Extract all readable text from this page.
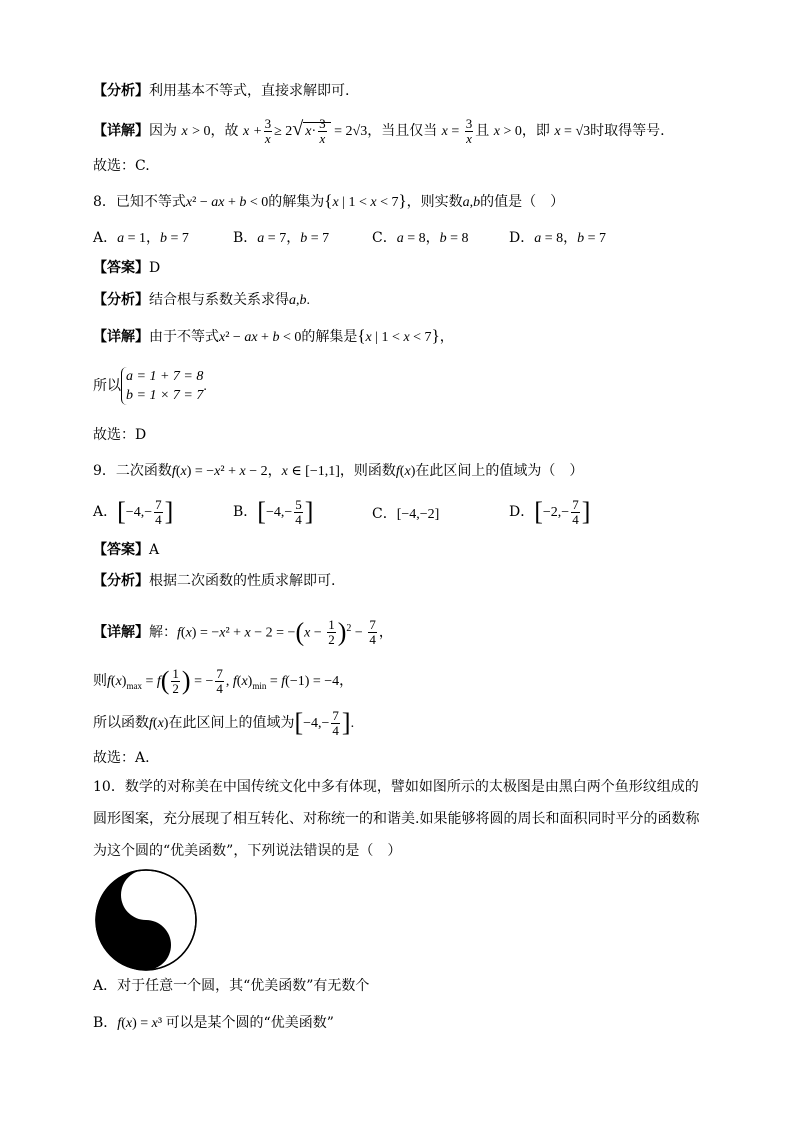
【分析】利用基本不等式，直接求解即可.
【详解】因为 x > 0，故 $x + \frac{3}{x} \ge 2√$ $x\cdot \frac{3}{x} = 2√3$，当且仅当 $x = \frac{3}{x}$ 且 x > 0，即 x = √3时取得等号.
故选：C.
8．已知不等式x² − ax + b < 0的解集为{x | 1 < x < 7}，则实数a,b的值是（　）
A．a = 1，b = 7	B．a = 7，b = 7	C．a = 8，b = 8	D．a = 8，b = 7
【答案】D
【分析】结合根与系数关系求得a,b.
【详解】由于不等式x² − ax + b < 0的解集是{x | 1 < x < 7}，
所以
a = 1 + 7 = 8
b = 1 × 7 = 7
.
故选：D
9．二次函数f(x) = −x² + x − 2，x ∈ [−1,1]，则函数f(x)在此区间上的值域为（　）
A．[$-4,- \frac{7}{4}$ ]	B．[$-4,- \frac{5}{4}$ ]	C．[−4,−2]	D．[$-2,- \frac{7}{4}$ ]
【答案】A
【分析】根据二次函数的性质求解即可.
【详解】解：$f(x) = -x^2 + x - 2 = -(x - \frac{1}{2} )^2 - \frac{7}{4}$ ，
则$f(x)_{max} = f( \frac{1}{2}$ ) = − $\frac{7}{4}$ , $f(x)_{min} = f(-1) = -4$，
所以函数f(x)在此区间上的值域为[$-4,- \frac{7}{4}$ ].
故选：A.
10．数学的对称美在中国传统文化中多有体现，譬如如图所示的太极图是由黑白两个鱼形纹组成的
圆形图案，充分展现了相互转化、对称统一的和谐美.如果能够将圆的周长和面积同时平分的函数称
为这个圆的“优美函数”，下列说法错误的是（　）
A．对于任意一个圆，其“优美函数”有无数个
B．f(x) = x³ 可以是某个圆的“优美函数”
